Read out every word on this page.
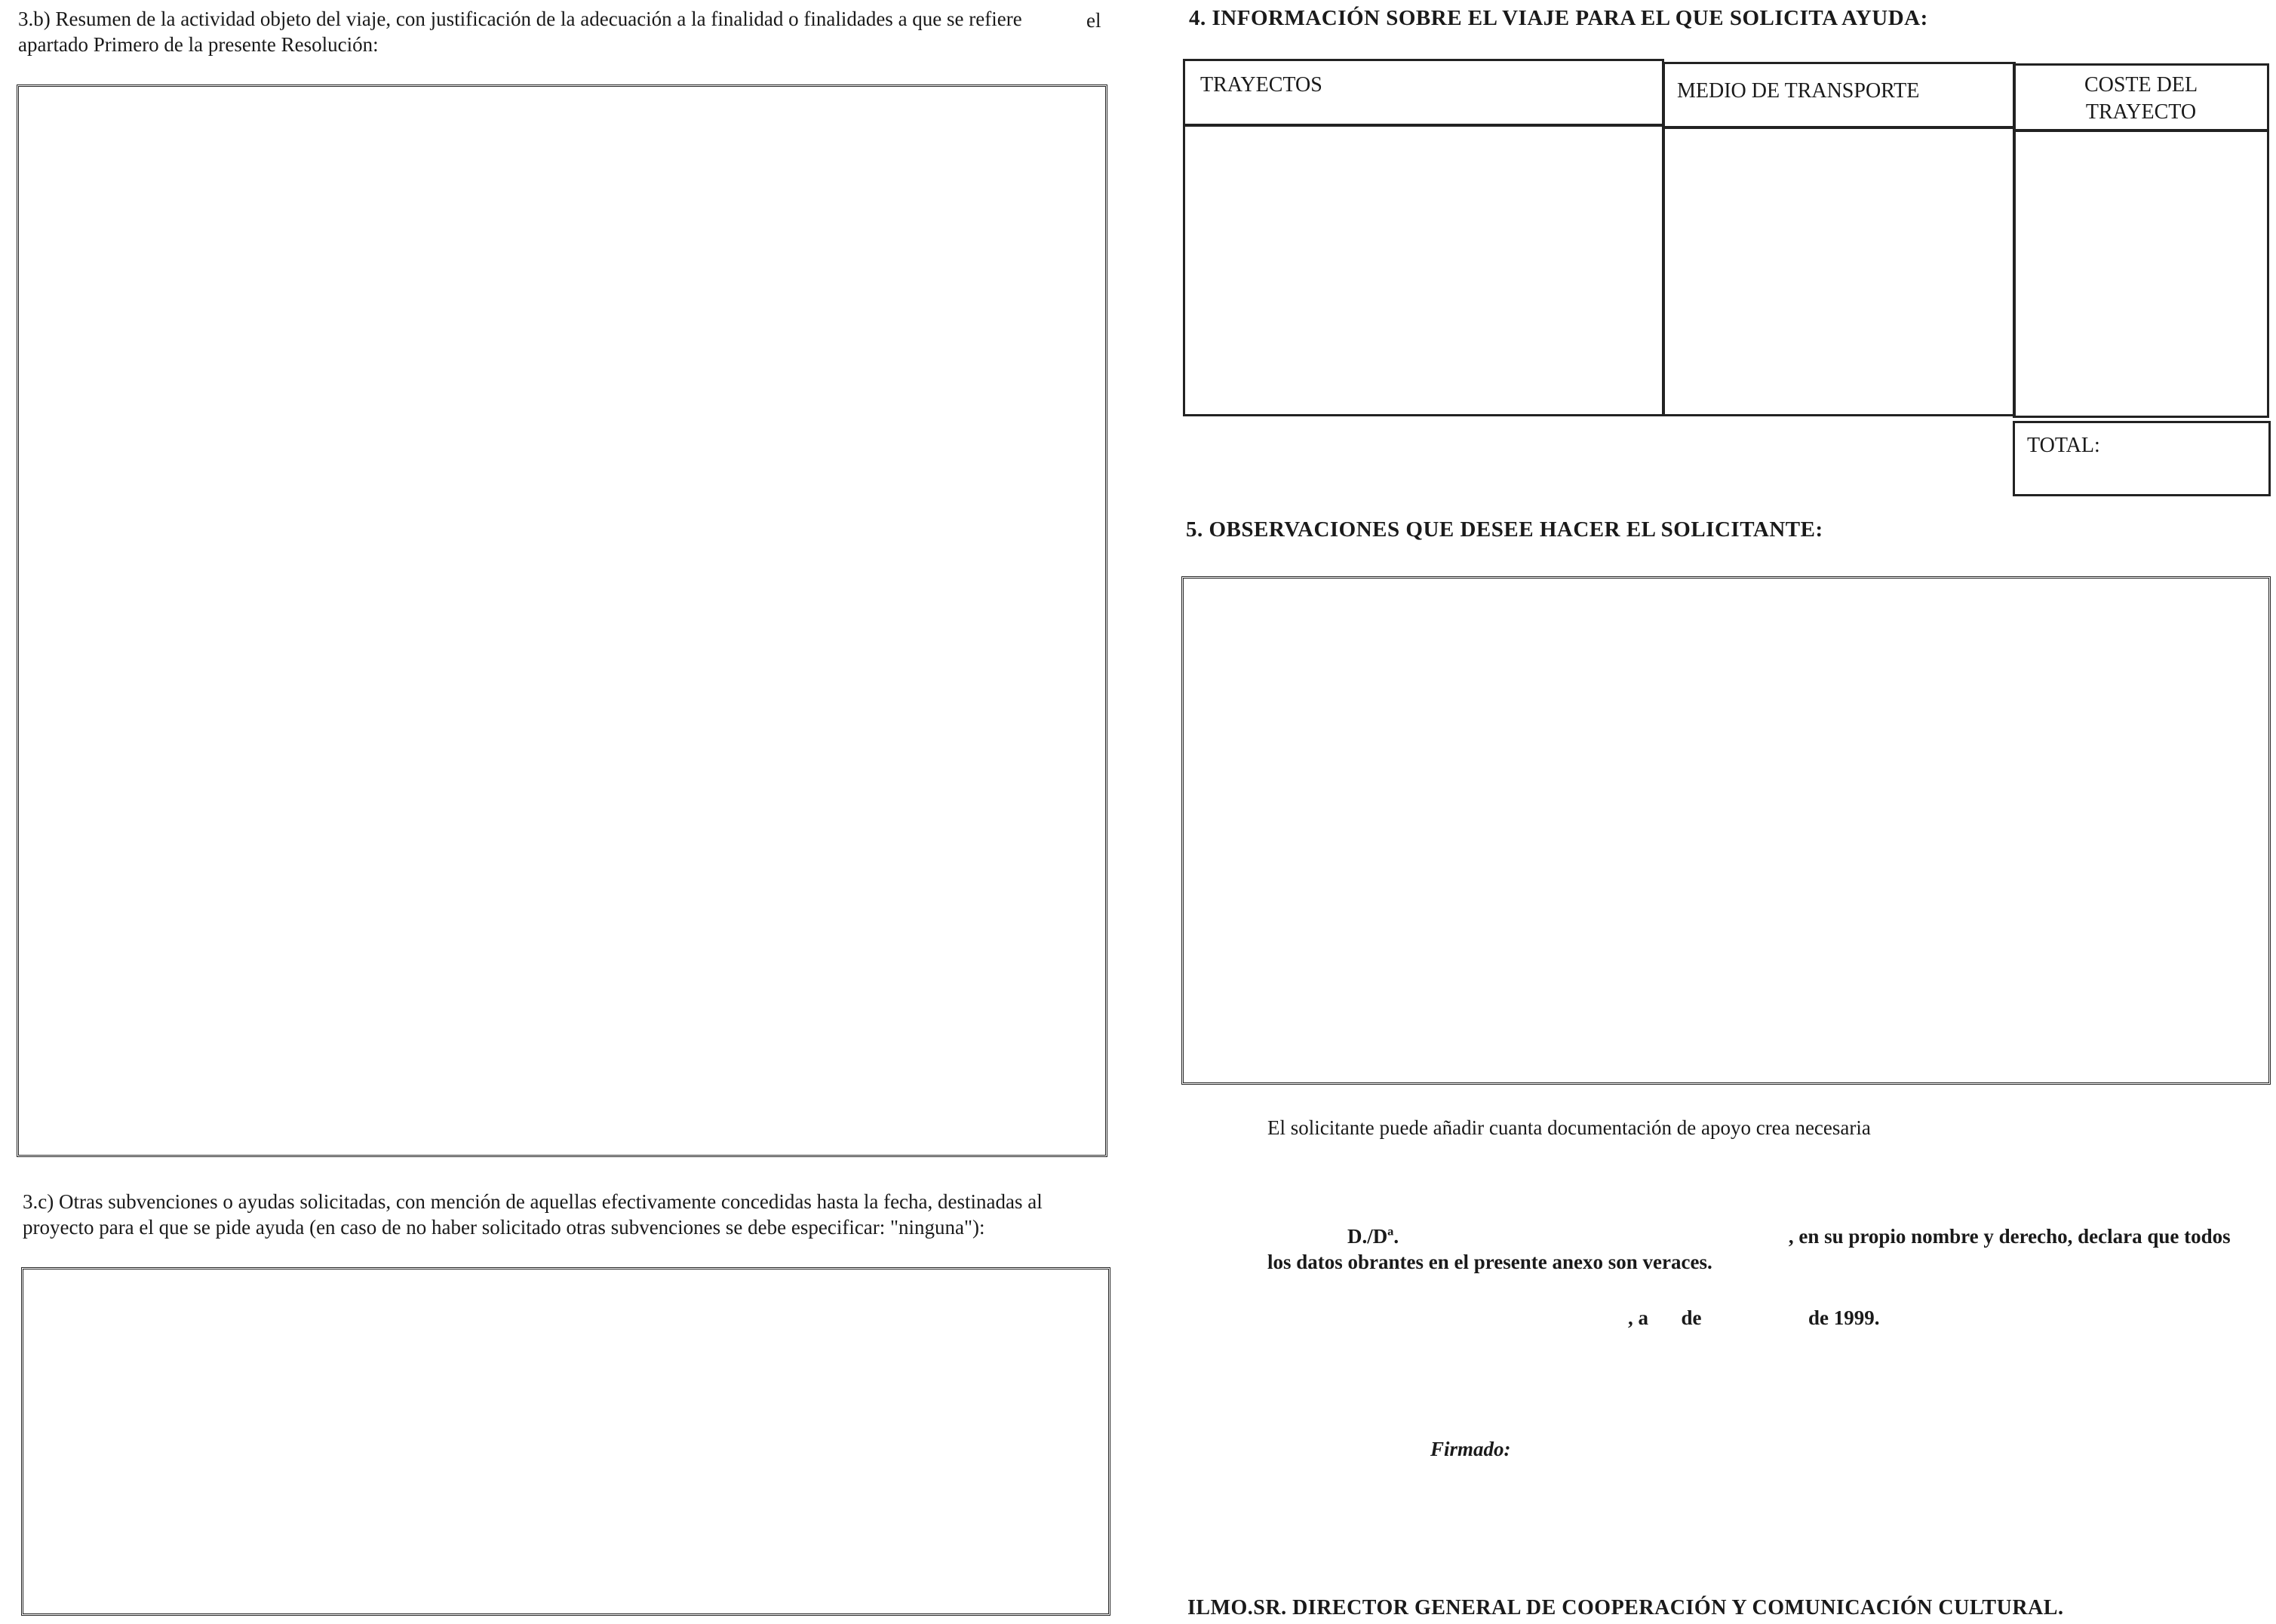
3.b) Resumen de la actividad objeto del viaje, con justificación de la adecuación a la finalidad o finalidades a que se refiere	el
apartado Primero de la presente Resolución:
3.c) Otras subvenciones o ayudas solicitadas, con mención de aquellas efectivamente concedidas hasta la fecha, destinadas al
proyecto para el que se pide ayuda (en caso de no haber solicitado otras subvenciones se debe especificar: "ninguna"):
4. INFORMACIÓN SOBRE EL VIAJE PARA EL QUE SOLICITA AYUDA:
TRAYECTOS	MEDIO DE TRANSPORTE	COSTE DEL
TRAYECTO
TOTAL:
5. OBSERVACIONES QUE DESEE HACER EL SOLICITANTE:
El solicitante puede añadir cuanta documentación de apoyo crea necesaria
D./Dª.	, en su propio nombre y derecho, declara que todos
los datos obrantes en el presente anexo son veraces.
, a de	de 1999.
Firmado:
ILMO.SR. DIRECTOR GENERAL DE COOPERACIÓN Y COMUNICACIÓN CULTURAL.
